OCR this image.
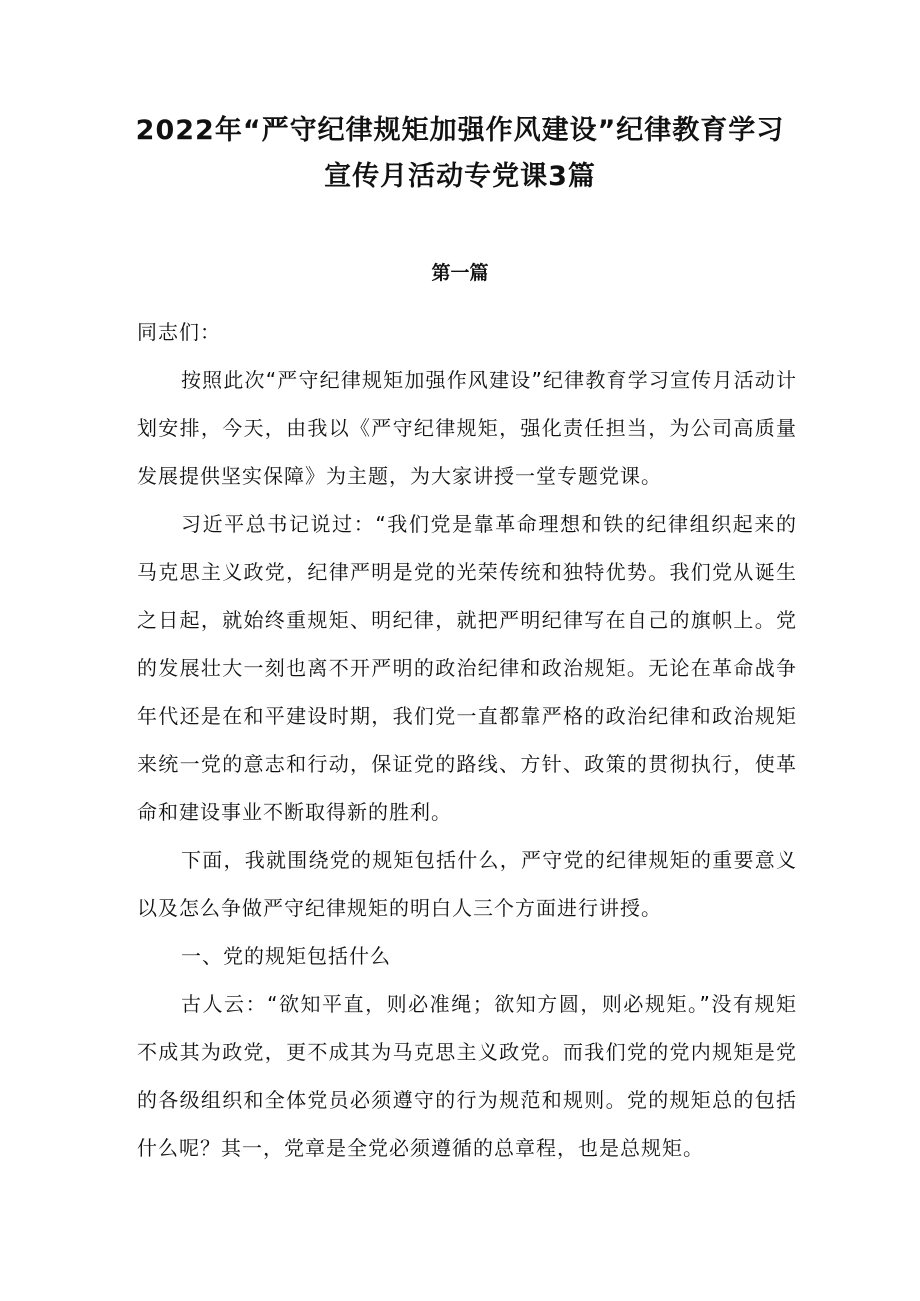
2022年“严守纪律规矩加强作风建设”纪律教育学习
宣传月活动专党课3篇
第一篇

同志们：

按照此次“严守纪律规矩加强作风建设”纪律教育学习宣传月活动计划安排，今天，由我以《严守纪律规矩，强化责任担当，为公司高质量发展提供坚实保障》为主题，为大家讲授一堂专题党课。

习近平总书记说过：“我们党是靠革命理想和铁的纪律组织起来的马克思主义政党，纪律严明是党的光荣传统和独特优势。我们党从诞生之日起，就始终重规矩、明纪律，就把严明纪律写在自己的旗帜上。党的发展壮大一刻也离不开严明的政治纪律和政治规矩。无论在革命战争年代还是在和平建设时期，我们党一直都靠严格的政治纪律和政治规矩来统一党的意志和行动，保证党的路线、方针、政策的贯彻执行，使革命和建设事业不断取得新的胜利。

下面，我就围绕党的规矩包括什么，严守党的纪律规矩的重要意义以及怎么争做严守纪律规矩的明白人三个方面进行讲授。

一、党的规矩包括什么

古人云：“欲知平直，则必准绳；欲知方圆，则必规矩。”没有规矩不成其为政党，更不成其为马克思主义政党。而我们党的党内规矩是党的各级组织和全体党员必须遵守的行为规范和规则。党的规矩总的包括什么呢？其一，党章是全党必须遵循的总章程，也是总规矩。
